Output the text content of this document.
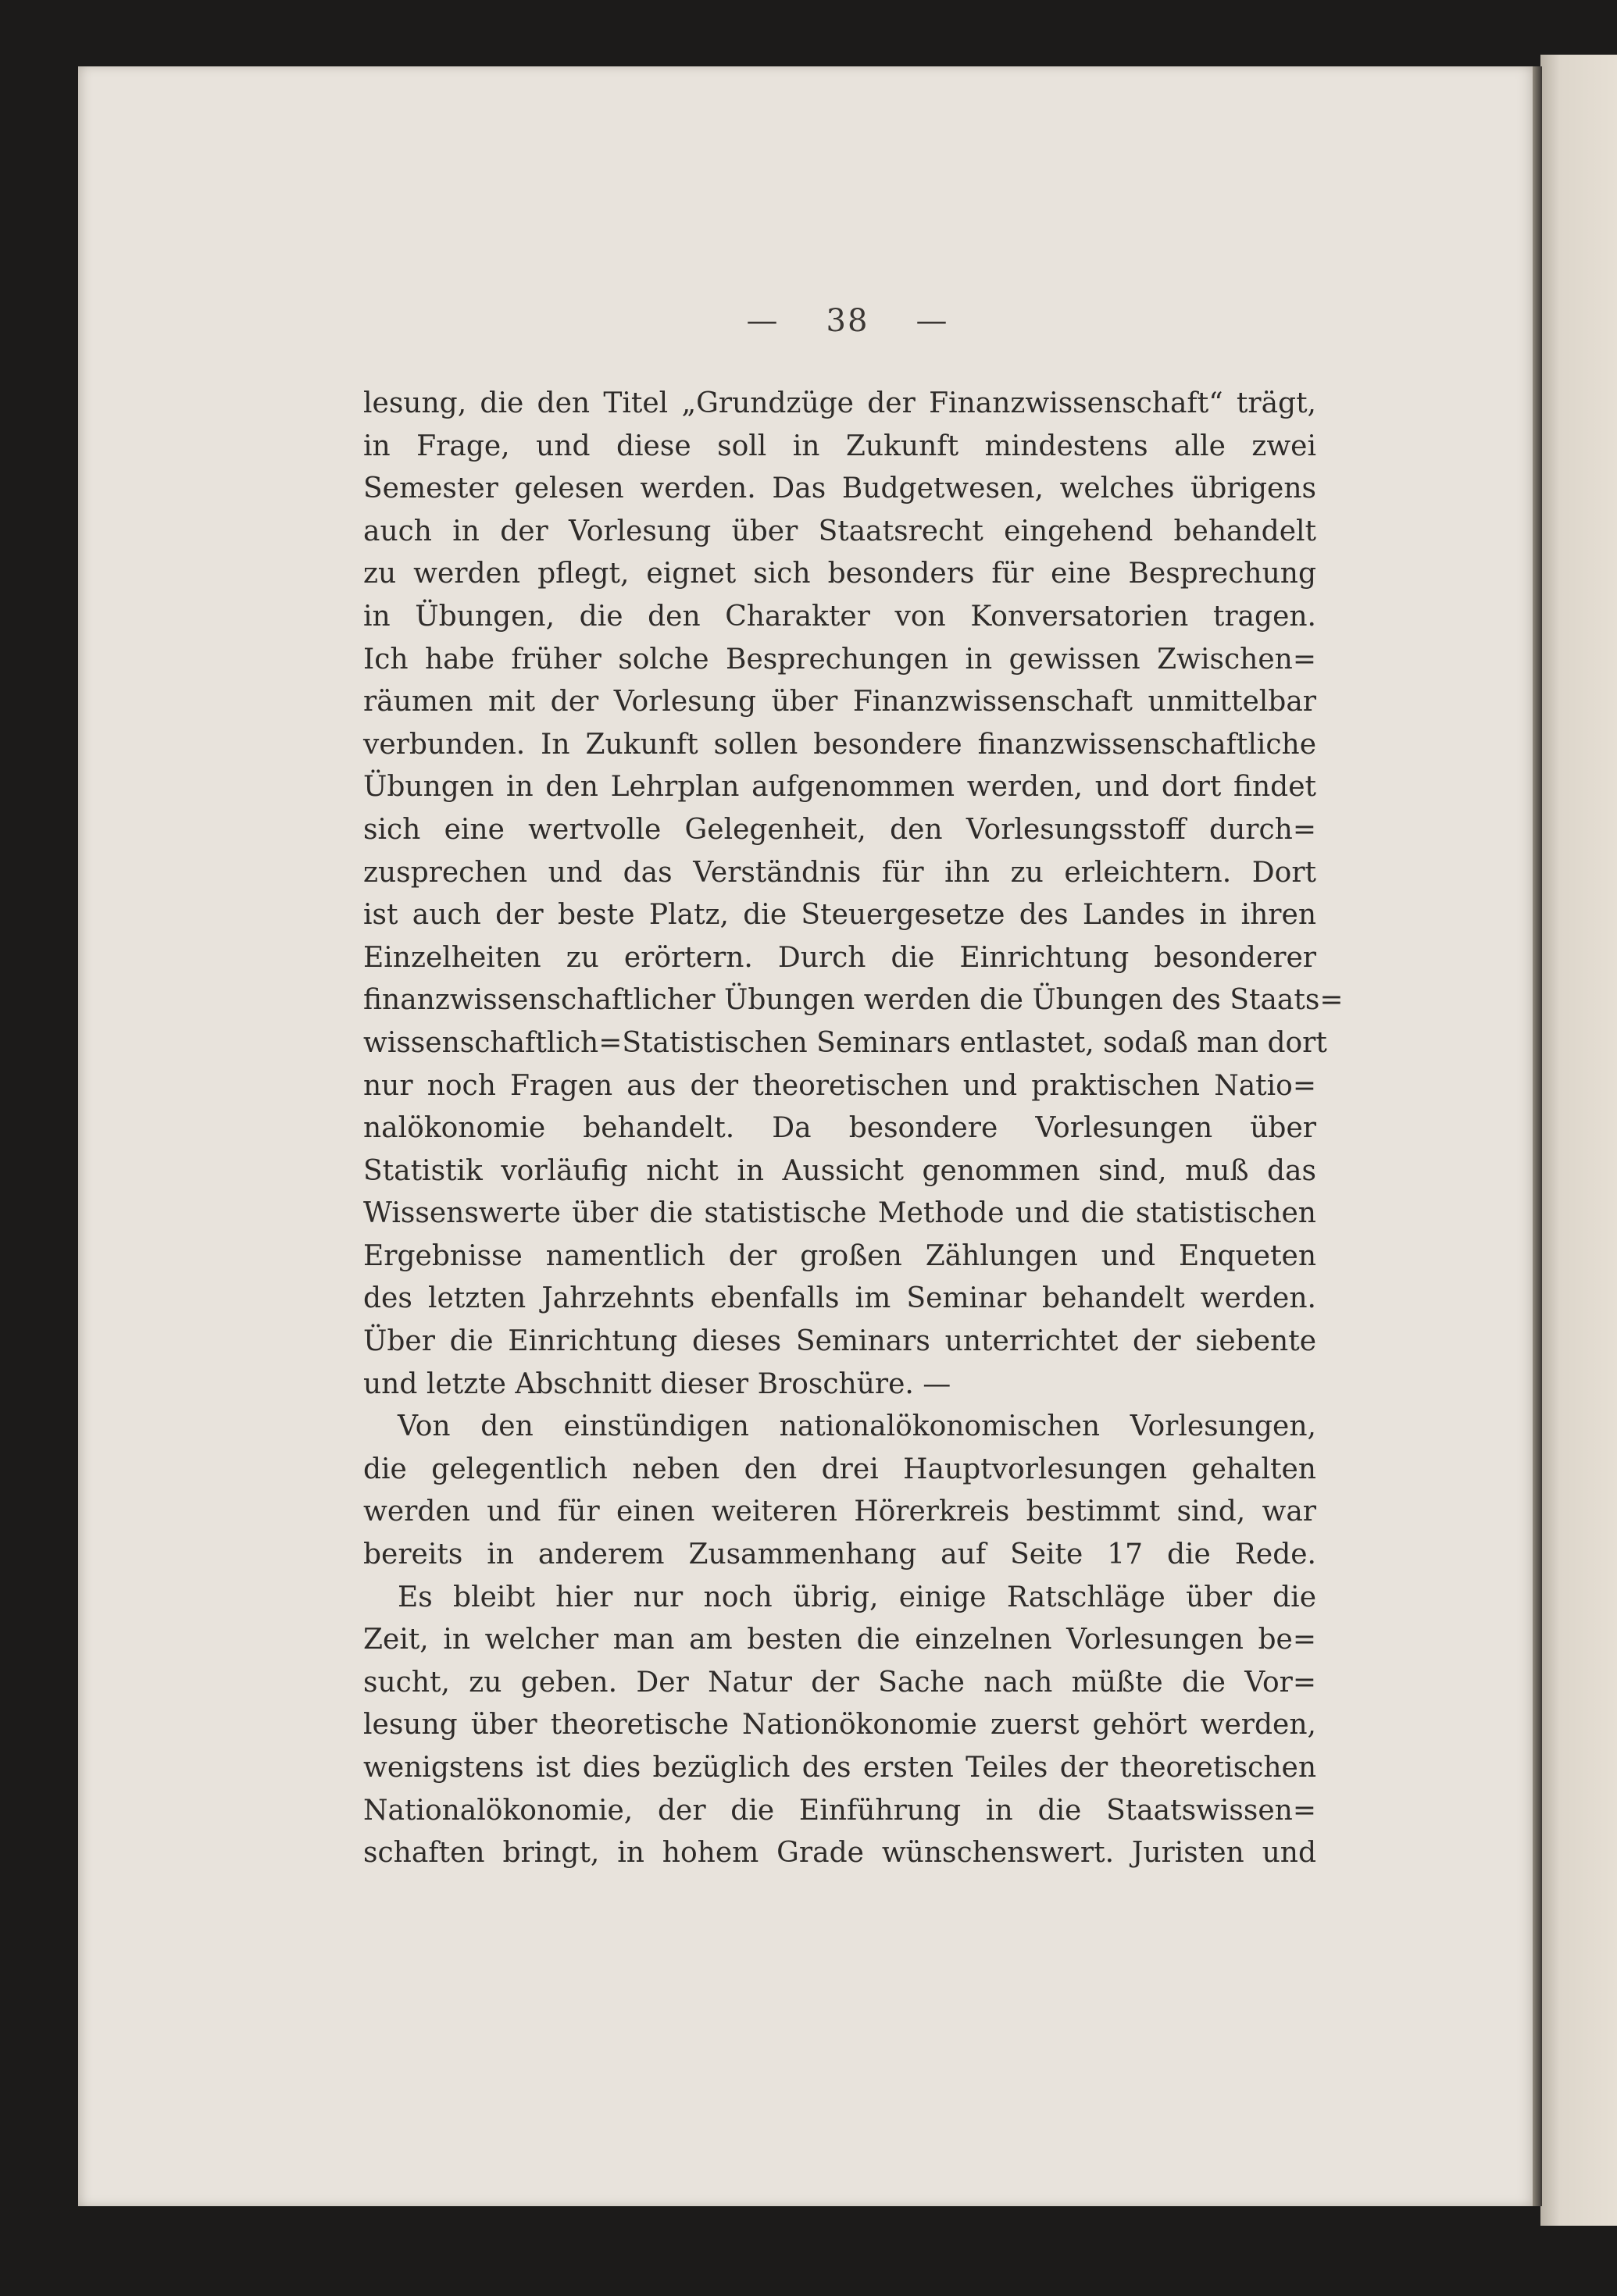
— 38 —
lesung, die den Titel „Grundzüge der Finanzwissenschaft“ trägt,
in Frage, und diese soll in Zukunft mindestens alle zwei
Semester gelesen werden. Das Budgetwesen, welches übrigens
auch in der Vorlesung über Staatsrecht eingehend behandelt
zu werden pflegt, eignet sich besonders für eine Besprechung
in Übungen, die den Charakter von Konversatorien tragen.
Ich habe früher solche Besprechungen in gewissen Zwischen=
räumen mit der Vorlesung über Finanzwissenschaft unmittelbar
verbunden. In Zukunft sollen besondere finanzwissenschaftliche
Übungen in den Lehrplan aufgenommen werden, und dort findet
sich eine wertvolle Gelegenheit, den Vorlesungsstoff durch=
zusprechen und das Verständnis für ihn zu erleichtern. Dort
ist auch der beste Platz, die Steuergesetze des Landes in ihren
Einzelheiten zu erörtern. Durch die Einrichtung besonderer
finanzwissenschaftlicher Übungen werden die Übungen des Staats=
wissenschaftlich=Statistischen Seminars entlastet, sodaß man dort
nur noch Fragen aus der theoretischen und praktischen Natio=
nalökonomie behandelt. Da besondere Vorlesungen über
Statistik vorläufig nicht in Aussicht genommen sind, muß das
Wissenswerte über die statistische Methode und die statistischen
Ergebnisse namentlich der großen Zählungen und Enqueten
des letzten Jahrzehnts ebenfalls im Seminar behandelt werden.
Über die Einrichtung dieses Seminars unterrichtet der siebente
und letzte Abschnitt dieser Broschüre. —
Von den einstündigen nationalökonomischen Vorlesungen,
die gelegentlich neben den drei Hauptvorlesungen gehalten
werden und für einen weiteren Hörerkreis bestimmt sind, war
bereits in anderem Zusammenhang auf Seite 17 die Rede.
Es bleibt hier nur noch übrig, einige Ratschläge über die
Zeit, in welcher man am besten die einzelnen Vorlesungen be=
sucht, zu geben. Der Natur der Sache nach müßte die Vor=
lesung über theoretische Nationökonomie zuerst gehört werden,
wenigstens ist dies bezüglich des ersten Teiles der theoretischen
Nationalökonomie, der die Einführung in die Staatswissen=
schaften bringt, in hohem Grade wünschenswert. Juristen und
